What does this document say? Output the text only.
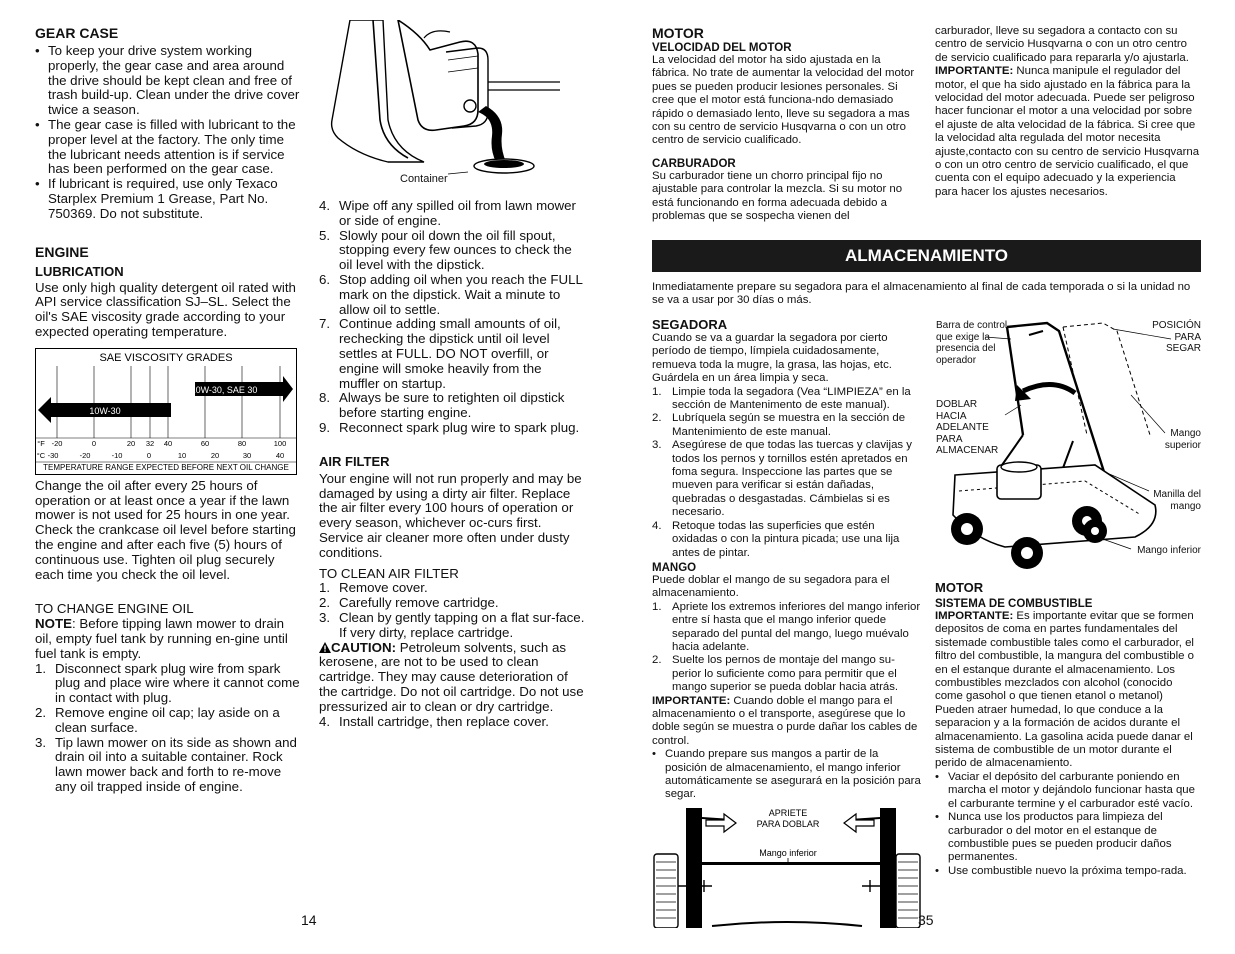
GEAR CASE

• To keep your drive system working properly, the gear case and area around the drive should be kept clean and free of trash build-up. Clean under the drive cover twice a season.
• The gear case is filled with lubricant to the proper level at the factory. The only time the lubricant needs attention is if service has been performed on the gear case.
• If lubricant is required, use only Texaco Starplex Premium 1 Grease, Part No. 750369. Do not substitute.

ENGINE

LUBRICATION

Use only high quality detergent oil rated with API service classification SJ–SL. Select the oil's SAE viscosity grade according to your expected operating temperature.
SAE VISCOSITY GRADES
10W-30, SAE 30
10W-30
°F -20	0	20 32 40	60	80	100
°C -30	-20	-10	0	10	20	30	40
TEMPERATURE RANGE EXPECTED BEFORE NEXT OIL CHANGE
Change the oil after every 25 hours of operation or at least once a year if the lawn mower is not used for 25 hours in one year.
Check the crankcase oil level before starting the engine and after each five (5) hours of continuous use. Tighten oil plug securely each time you check the oil level.
TO CHANGE ENGINE OIL
NOTE: Before tipping lawn mower to drain oil, empty fuel tank by running en-gine until fuel tank is empty.
1. Disconnect spark plug wire from spark plug and place wire where it cannot come in contact with plug.
2. Remove engine oil cap; lay aside on a clean surface.
3. Tip lawn mower on its side as shown and drain oil into a suitable container. Rock lawn mower back and forth to re-move any oil trapped inside of engine.
Container
4. Wipe off any spilled oil from lawn mower or side of engine.
5. Slowly pour oil down the oil fill spout, stopping every few ounces to check the oil level with the dipstick.
6. Stop adding oil when you reach the FULL mark on the dipstick. Wait a minute to allow oil to settle.
7. Continue adding small amounts of oil, rechecking the dipstick until oil level settles at FULL. DO NOT overfill, or engine will smoke heavily from the muffler on startup.
8. Always be sure to retighten oil dipstick before starting engine.
9. Reconnect spark plug wire to spark plug.

AIR FILTER

Your engine will not run properly and may be damaged by using a dirty air filter. Replace the air filter every 100 hours of operation or every season, whichever oc-curs first. Service air cleaner more often under dusty conditions.
TO CLEAN AIR FILTER
1. Remove cover.
2. Carefully remove cartridge.
3. Clean by gently tapping on a flat sur-face. If very dirty, replace cartridge.
CAUTION: Petroleum solvents, such as kerosene, are not to be used to clean cartridge. They may cause deterioration of the cartridge. Do not oil cartridge. Do not use pressurized air to clean or dry cartridge.
4. Install cartridge, then replace cover.
14

MOTOR

VELOCIDAD DEL MOTOR

La velocidad del motor ha sido ajustada en la fábrica. No trate de aumentar la velocidad del motor pues se pueden producir lesiones personales. Si cree que el motor está funciona-ndo demasiado rápido o demasiado lento, lleve su segadora a mas con su centro de servicio Husqvarna o con un otro centro de servicio cualificado.

CARBURADOR

Su carburador tiene un chorro principal fijo no ajustable para controlar la mezcla. Si su motor no está funcionando en forma adecuada debido a problemas que se sospecha vienen del
carburador, lleve su segadora a contacto con su centro de servicio Husqvarna o con un otro centro de servicio cualificado para repararla y/o ajustarla.
IMPORTANTE: Nunca manipule el regulador del motor, el que ha sido ajustado en la fábrica para la velocidad del motor adecuada. Puede ser peligroso hacer funcionar el motor a una velocidad por sobre el ajuste de alta velocidad de la fábrica. Si cree que la velocidad alta regulada del motor necesita ajuste,contacto con su centro de servicio Husqvarna o con un otro centro de servicio cualificado, el que cuenta con el equipo adecuado y la experiencia para hacer los ajustes necesarios.
ALMACENAMIENTO
Inmediatamente prepare su segadora para el almacenamiento al final de cada temporada o si la unidad no se va a usar por 30 días o más.

SEGADORA

Cuando se va a guardar la segadora por cierto período de tiempo, límpiela cuidadosamente, remueva toda la mugre, la grasa, las hojas, etc. Guárdela en un área limpia y seca.
1. Limpie toda la segadora (Vea “LIMPIEZA” en la sección de Mantenimento de este manual).
2. Lubríquela según se muestra en la sección de Mantenimiento de este manual.
3. Asegúrese de que todas las tuercas y clavijas y todos los pernos y tornillos estén apretados en foma segura. Inspeccione las partes que se mueven para verificar si están dañadas, quebradas o desgastadas. Cámbielas si es necesario.
4. Retoque todas las superficies que estén oxidadas o con la pintura picada; use una lija antes de pintar.

MANGO

Puede doblar el mango de su segadora para el almacenamiento.
1. Apriete los extremos inferiores del mango inferior entre sí hasta que el mango inferior quede separado del puntal del mango, luego muévalo hacia adelante.
2. Suelte los pernos de montaje del mango su-perior lo suficiente como para permitir que el mango superior se pueda doblar hacia atrás.
IMPORTANTE: Cuando doble el mango para el almacenamiento o el transporte, asegúrese que lo doble según se muestra o purde dañar los cables de control.
• Cuando prepare sus mangos a partir de la posición de almacenamiento, el mango inferior automáticamente se asegurará en la posición para segar.
APRIETE
PARA DOBLAR
Mango inferior
Barra de control
que exige la
presencia del
operador
POSICIÓN
PARA
SEGAR
DOBLAR
HACIA
ADELANTE
PARA
ALMACENAR
Mango
superior
Manilla del
mango
Mango inferior

MOTOR

SISTEMA DE COMBUSTIBLE

IMPORTANTE: Es importante evitar que se formen depositos de coma en partes fundamentales del sistemade combustible tales como el carburador, el filtro del combustible, la mangura del combustible o en el estanque durante el almacenamiento. Los combustibles mezclados con alcohol (conocido come gasohol o que tienen etanol o metanol) Pueden atraer humedad, lo que conduce a la separacion y a la formación de acidos durante el almacenamiento. La gasolina acida puede danar el sistema de combustible de un motor durante el perido de almacenamiento.
• Vaciar el depósito del carburante poniendo en marcha el motor y dejándolo funcionar hasta que el carburante termine y el carburador esté vacío.
• Nunca use los productos para limpieza del carburador o del motor en el estanque de combustible pues se pueden producir daños permanentes.
• Use combustible nuevo la próxima tempo-rada.
35
